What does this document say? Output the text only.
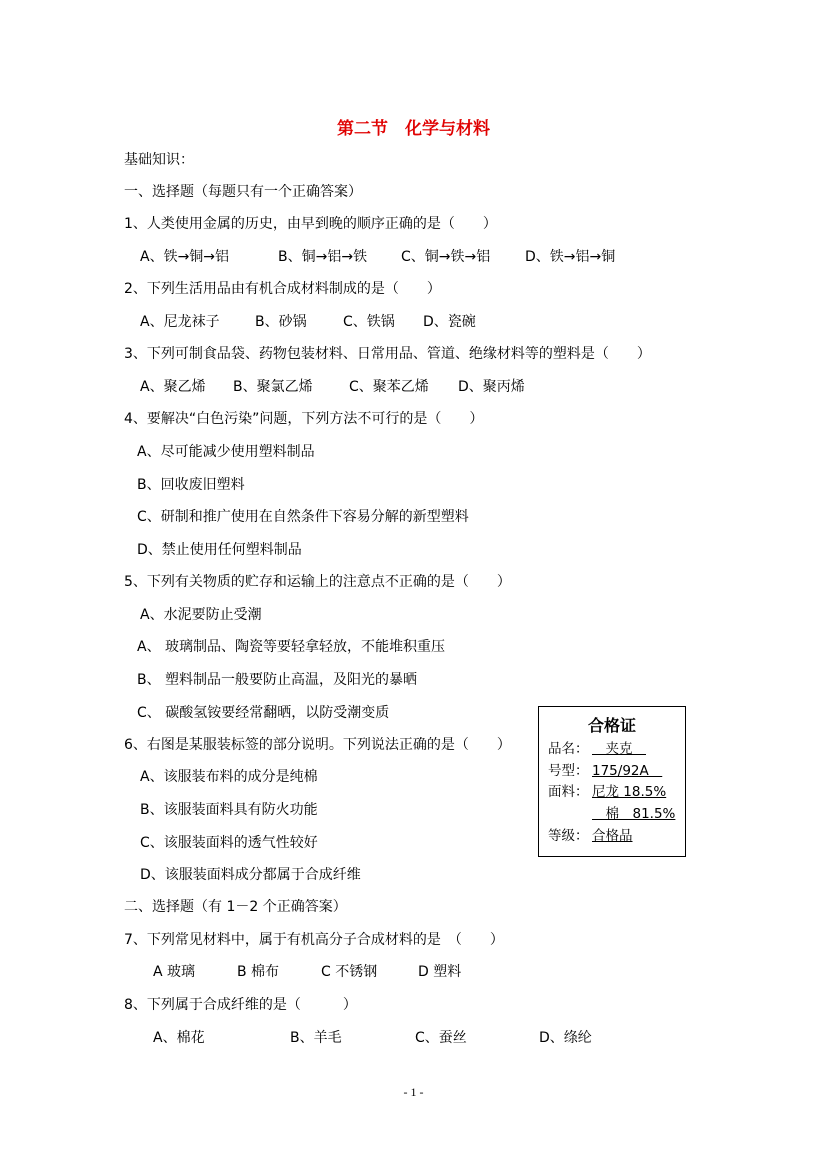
第二节　化学与材料
基础知识：
一、选择题（每题只有一个正确答案）
1、人类使用金属的历史，由早到晚的顺序正确的是（　　）
A、铁→铜→铝	B、铜→铝→铁 C、铜→铁→铝 D、铁→铝→铜
2、下列生活用品由有机合成材料制成的是（　　）
A、尼龙袜子	B、砂锅	C、铁锅 D、瓷碗
3、下列可制食品袋、药物包装材料、日常用品、管道、绝缘材料等的塑料是（　　）
A、聚乙烯 B、聚氯乙烯	C、聚苯乙烯 D、聚丙烯
4、要解决“白色污染”问题，下列方法不可行的是（　　）
A、尽可能减少使用塑料制品
B、回收废旧塑料
C、研制和推广使用在自然条件下容易分解的新型塑料
D、禁止使用任何塑料制品
5、下列有关物质的贮存和运输上的注意点不正确的是（　　）
A、水泥要防止受潮
A、 玻璃制品、陶瓷等要轻拿轻放，不能堆积重压
B、 塑料制品一般要防止高温，及阳光的暴晒
C、 碳酸氢铵要经常翻晒，以防受潮变质
6、右图是某服装标签的部分说明。下列说法正确的是（　　）
A、该服装布料的成分是纯棉
B、该服装面料具有防火功能
C、该服装面料的透气性较好
D、该服装面料成分都属于合成纤维
合格证
品名： 　夹克　
号型： 175/92A　
面料： 尼龙 18.5%
　棉　81.5%
等级： 合格品
二、选择题（有 1－2 个正确答案）
7、下列常见材料中，属于有机高分子合成材料的是　（　　）
A 玻璃	B 棉布	C 不锈钢	D 塑料
8、下列属于合成纤维的是（　　　）
A、棉花	B、羊毛	C、蚕丝	D、绦纶
- 1 -
